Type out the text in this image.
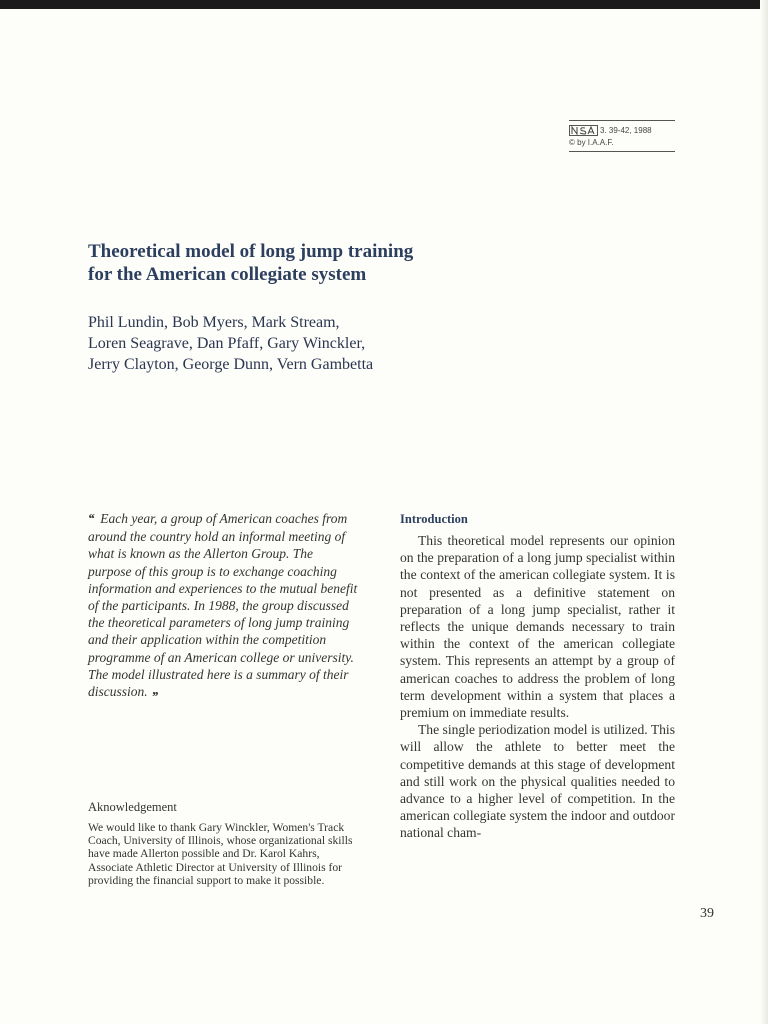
3. 39-42, 1988
© by I.A.A.F.
Theoretical model of long jump training
for the American collegiate system

Phil Lundin, Bob Myers, Mark Stream,
Loren Seagrave, Dan Pfaff, Gary Winckler,
Jerry Clayton, George Dunn, Vern Gambetta

‘‘ Each year, a group of American coaches from around the country hold an informal meeting of what is known as the Allerton Group. The purpose of this group is to exchange coaching information and experiences to the mutual benefit of the participants. In 1988, the group discussed the theoretical parameters of long jump training and their application within the competition programme of an American college or university. The model illustrated here is a summary of their discussion. ’’
Aknowledgement

We would like to thank Gary Winckler, Women's Track Coach, University of Illinois, whose organizational skills have made Allerton possible and Dr. Karol Kahrs, Associate Athletic Director at University of Illinois for providing the financial support to make it possible.

Introduction

This theoretical model represents our opinion on the preparation of a long jump specialist within the context of the american collegiate system. It is not presented as a definitive statement on preparation of a long jump specialist, rather it reflects the unique demands necessary to train within the context of the american collegiate system. This represents an attempt by a group of american coaches to address the problem of long term development within a system that places a premium on immediate results.

The single periodization model is utilized. This will allow the athlete to better meet the competitive demands at this stage of development and still work on the physical qualities needed to advance to a higher level of competition. In the american collegiate system the indoor and outdoor national cham-

39
